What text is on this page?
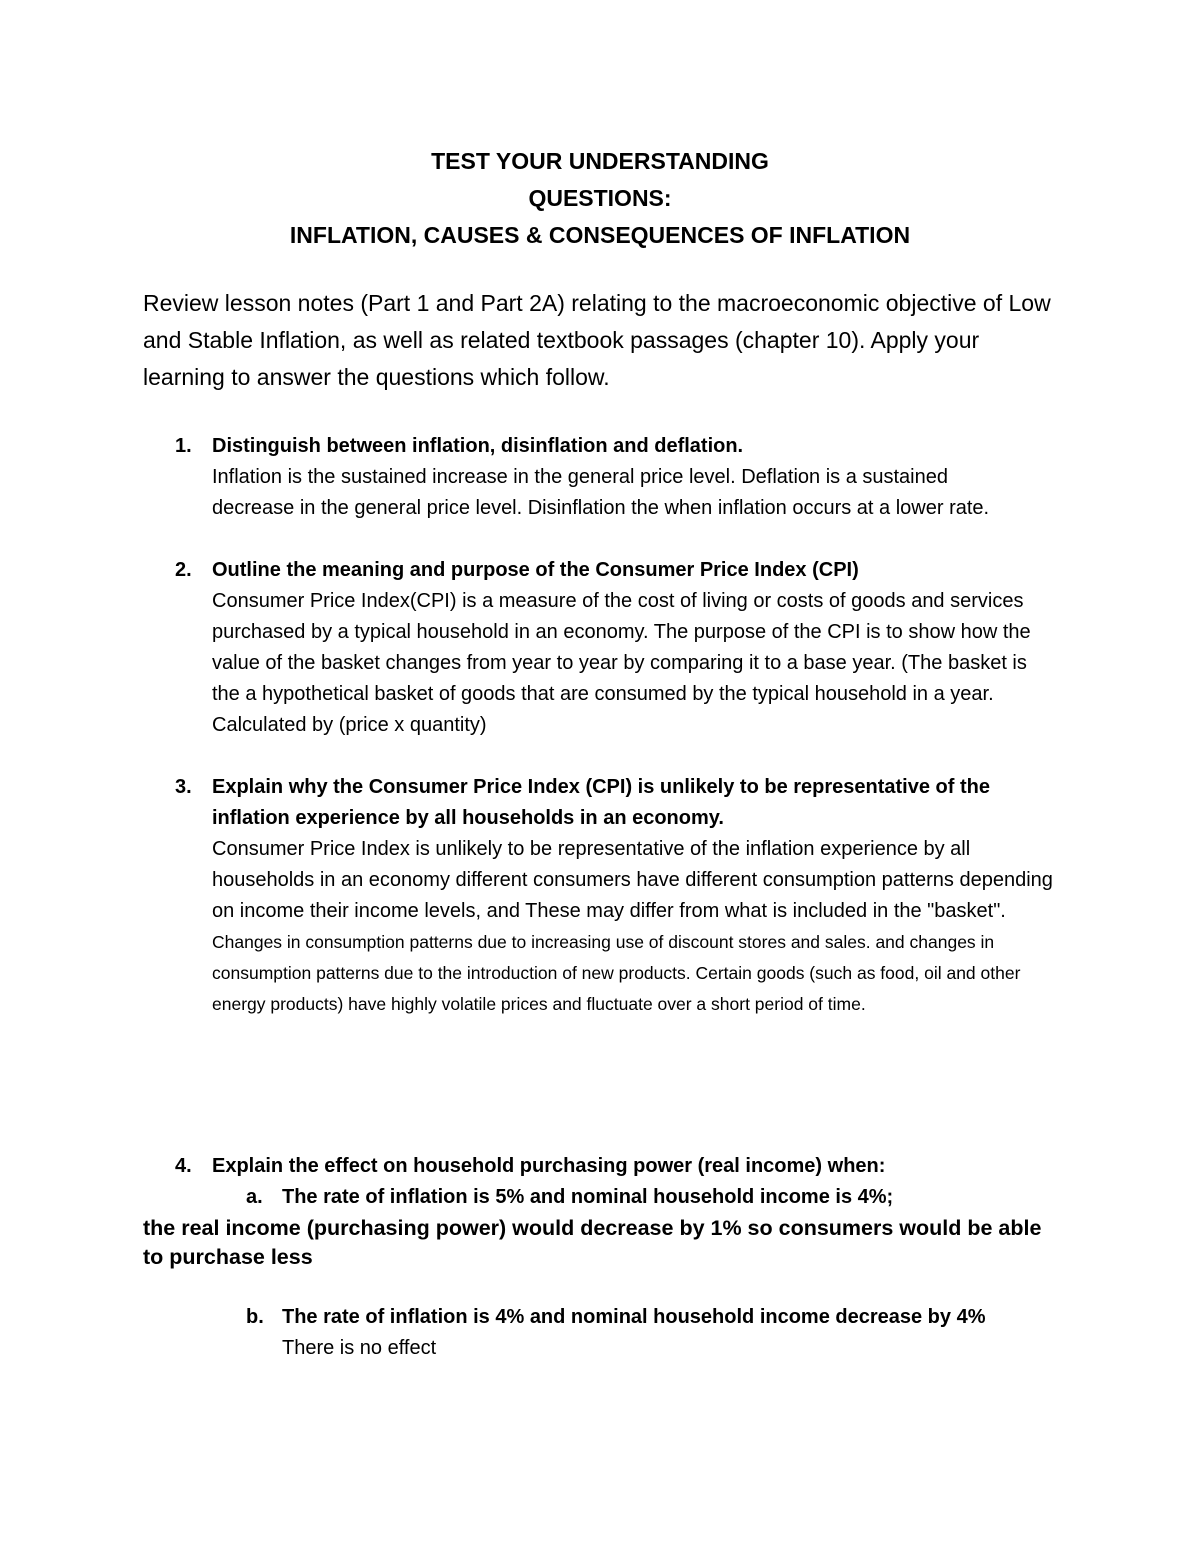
TEST YOUR UNDERSTANDING
QUESTIONS:
INFLATION, CAUSES & CONSEQUENCES OF INFLATION
Review lesson notes (Part 1 and Part 2A) relating to the macroeconomic objective of Low and Stable Inflation, as well as related textbook passages (chapter 10). Apply your learning to answer the questions which follow.
1. Distinguish between inflation, disinflation and deflation.
Inflation is the sustained increase in the general price level. Deflation is a sustained decrease in the general price level. Disinflation the when inflation occurs at a lower rate.
2. Outline the meaning and purpose of the Consumer Price Index (CPI)
Consumer Price Index(CPI) is a measure of the cost of living or costs of goods and services purchased by a typical household in an economy. The purpose of the CPI is to show how the value of the basket changes from year to year by comparing it to a base year. (The basket is the a hypothetical basket of goods that are consumed by the typical household in a year. Calculated by (price x quantity)
3. Explain why the Consumer Price Index (CPI) is unlikely to be representative of the inflation experience by all households in an economy.
Consumer Price Index is unlikely to be representative of the inflation experience by all households in an economy different consumers have different consumption patterns depending on income their income levels, and These may differ from what is included in the "basket". Changes in consumption patterns due to increasing use of discount stores and sales. and changes in consumption patterns due to the introduction of new products. Certain goods (such as food, oil and other energy products) have highly volatile prices and fluctuate over a short period of time.
4. Explain the effect on household purchasing power (real income) when:
a. The rate of inflation is 5% and nominal household income is 4%;
the real income (purchasing power) would decrease by 1% so consumers would be able to purchase less
b. The rate of inflation is 4% and nominal household income decrease by 4%
There is no effect
